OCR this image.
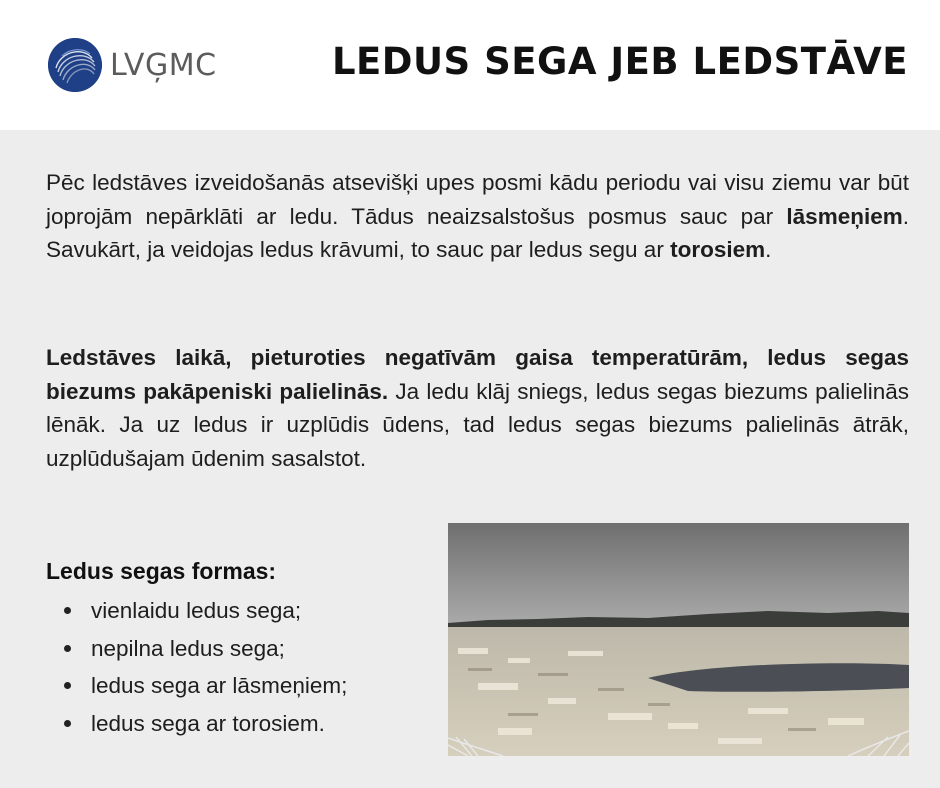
LVĢMC	LEDUS SEGA JEB LEDSTĀVE

Pēc ledstāves izveidošanās atsevišķi upes posmi kādu periodu vai visu ziemu var būt joprojām nepārklāti ar ledu. Tādus neaizsalstošus posmus sauc par lāsmeņiem. Savukārt, ja veidojas ledus krāvumi, to sauc par ledus segu ar torosiem.

Ledstāves laikā, pieturoties negatīvām gaisa temperatūrām, ledus segas biezums pakāpeniski palielinās. Ja ledu klāj sniegs, ledus segas biezums palielinās lēnāk. Ja uz ledus ir uzplūdis ūdens, tad ledus segas biezums palielinās ātrāk, uzplūdušajam ūdenim sasalstot.

Ledus segas formas:
vienlaidu ledus sega;
nepilna ledus sega;
ledus sega ar lāsmeņiem;
ledus sega ar torosiem.
